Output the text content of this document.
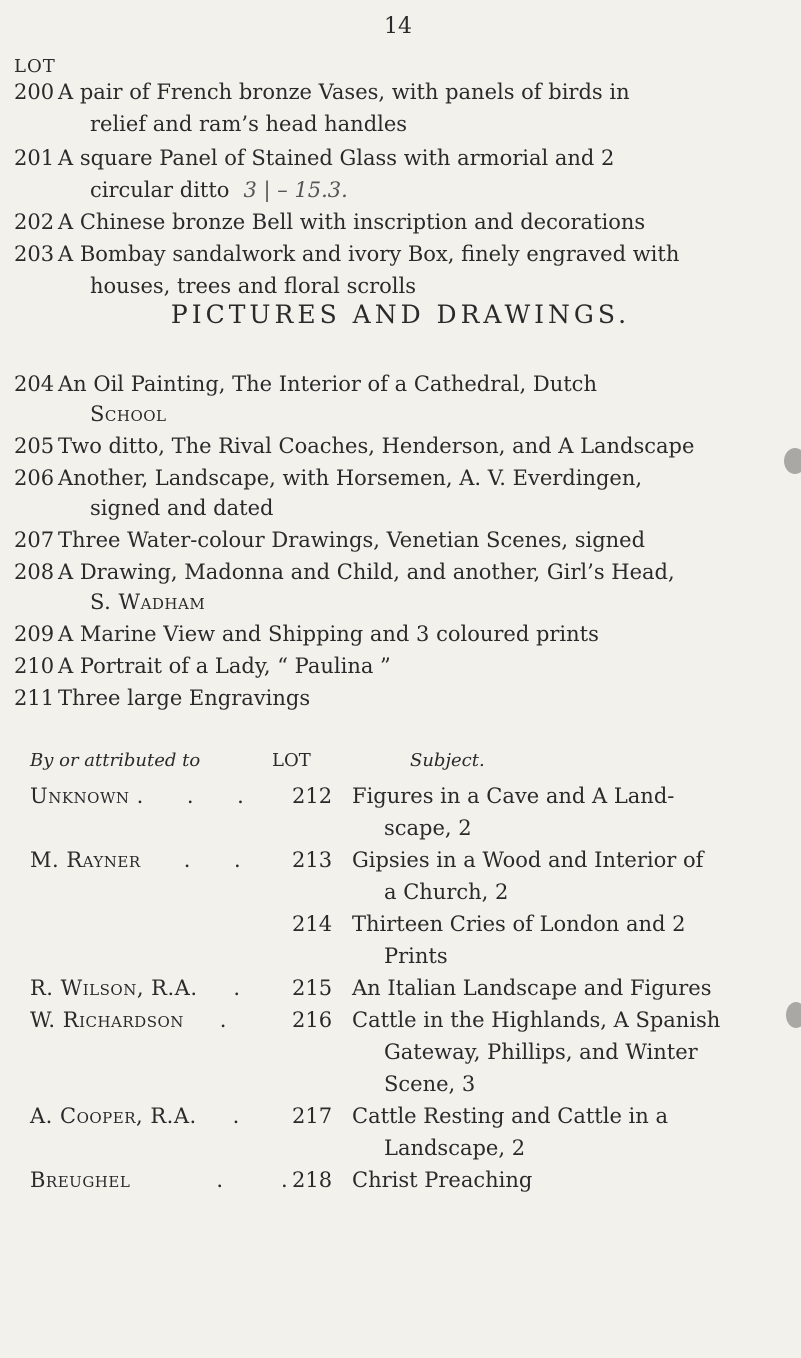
14
LOT
200 A pair of French bronze Vases, with panels of birds in
relief and ram’s head handles
201 A square Panel of Stained Glass with armorial and 2
circular ditto 3 | – 15.3.
202 A Chinese bronze Bell with inscription and decorations
203 A Bombay sandalwork and ivory Box, finely engraved with
houses, trees and floral scrolls
PICTURES AND DRAWINGS.
204 An Oil Painting, The Interior of a Cathedral, Dutch
School
205 Two ditto, The Rival Coaches, Henderson, and A Landscape
206 Another, Landscape, with Horsemen, A. V. Everdingen,
signed and dated
207 Three Water-colour Drawings, Venetian Scenes, signed
208 A Drawing, Madonna and Child, and another, Girl’s Head,
S. Wadham
209 A Marine View and Shipping and 3 coloured prints
210 A Portrait of a Lady, “ Paulina ”
211 Three large Engravings
By or attributed to	LOT	Subject.
Unknown .      .      . 212 Figures in a Cave and A Land-
scape, 2
M. Rayner      .      . 213 Gipsies in a Wood and Interior of
a Church, 2
214 Thirteen Cries of London and 2
Prints
R. Wilson, R.A.     . 215 An Italian Landscape and Figures
W. Richardson     .	216 Cattle in the Highlands, A Spanish
Gateway, Phillips, and Winter
Scene, 3
A. Cooper, R.A.     . 217 Cattle Resting and Cattle in a
Landscape, 2
Breughel            .        . 218 Christ Preaching
